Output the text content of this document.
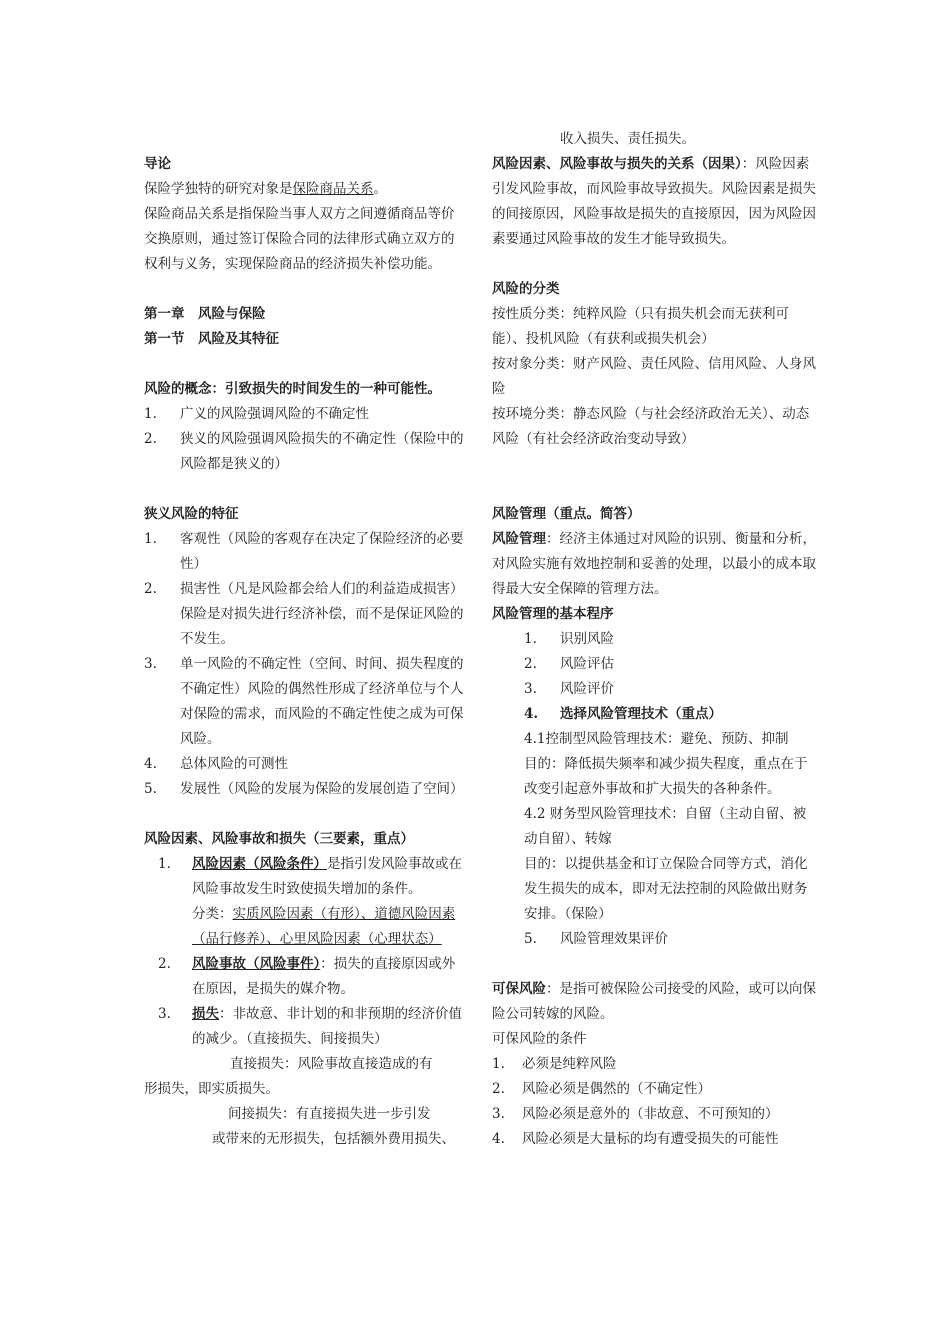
导论

保险学独特的研究对象是保险商品关系。

保险商品关系是指保险当事人双方之间遵循商品等价交换原则，通过签订保险合同的法律形式确立双方的权利与义务，实现保险商品的经济损失补偿功能。

第一章　风险与保险

第一节　风险及其特征

风险的概念：引致损失的时间发生的一种可能性。

1.	广义的风险强调风险的不确定性
2.	狭义的风险强调风险损失的不确定性（保险中的风险都是狭义的）

狭义风险的特征

1.	客观性（风险的客观存在决定了保险经济的必要性）
2.	损害性（凡是风险都会给人们的利益造成损害）保险是对损失进行经济补偿，而不是保证风险的不发生。
3.	单一风险的不确定性（空间、时间、损失程度的不确定性）风险的偶然性形成了经济单位与个人对保险的需求，而风险的不确定性使之成为可保风险。
4.	总体风险的可测性
5.	发展性（风险的发展为保险的发展创造了空间）

风险因素、风险事故和损失（三要素，重点）

1.	风险因素（风险条件）是指引发风险事故或在风险事故发生时致使损失增加的条件。
分类：实质风险因素（有形）、道德风险因素（品行修养）、心里风险因素（心理状态）
2.	风险事故（风险事件）：损失的直接原因或外在原因，是损失的媒介物。
3.	损失：非故意、非计划的和非预期的经济价值的减少。（直接损失、间接损失）

直接损失：风险事故直接造成的有

形损失，即实质损失。

间接损失：有直接损失进一步引发

或带来的无形损失，包括额外费用损失、

收入损失、责任损失。

风险因素、风险事故与损失的关系（因果）：风险因素引发风险事故，而风险事故导致损失。风险因素是损失的间接原因，风险事故是损失的直接原因，因为风险因素要通过风险事故的发生才能导致损失。

风险的分类

按性质分类：纯粹风险（只有损失机会而无获利可能）、投机风险（有获利或损失机会）

按对象分类：财产风险、责任风险、信用风险、人身风险

按环境分类：静态风险（与社会经济政治无关）、动态风险（有社会经济政治变动导致）

风险管理（重点。简答）

风险管理：经济主体通过对风险的识别、衡量和分析，对风险实施有效地控制和妥善的处理，以最小的成本取得最大安全保障的管理方法。

风险管理的基本程序

1.	识别风险
2.	风险评估
3.	风险评价
4.	选择风险管理技术（重点）

4.1控制型风险管理技术：避免、预防、抑制

目的：降低损失频率和减少损失程度，重点在于改变引起意外事故和扩大损失的各种条件。

4.2 财务型风险管理技术：自留（主动自留、被动自留）、转嫁

目的：以提供基金和订立保险合同等方式，消化发生损失的成本，即对无法控制的风险做出财务安排。（保险）

5.	风险管理效果评价

可保风险：是指可被保险公司接受的风险，或可以向保险公司转嫁的风险。

可保风险的条件

1.	必须是纯粹风险
2.	风险必须是偶然的（不确定性）
3.	风险必须是意外的（非故意、不可预知的）
4.	风险必须是大量标的均有遭受损失的可能性
